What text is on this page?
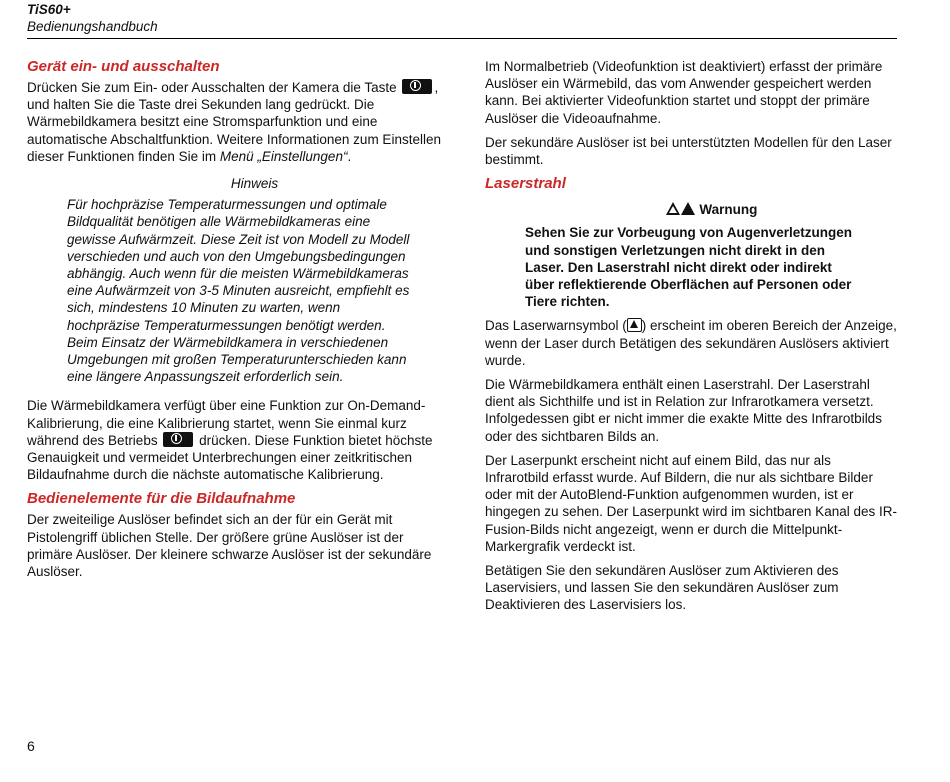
TiS60+
Bedienungshandbuch
Gerät ein- und ausschalten

Drücken Sie zum Ein- oder Ausschalten der Kamera die Taste	, und halten Sie die Taste drei Sekunden lang gedrückt. Die Wärmebildkamera besitzt eine Stromsparfunktion und eine automatische Abschaltfunktion. Weitere Informationen zum Einstellen dieser Funktionen finden Sie im Menü „Einstellungen“.

Hinweis
Für hochpräzise Temperaturmessungen und optimale Bildqualität benötigen alle Wärmebildkameras eine gewisse Aufwärmzeit. Diese Zeit ist von Modell zu Modell verschieden und auch von den Umgebungsbedingungen abhängig. Auch wenn für die meisten Wärmebildkameras eine Aufwärmzeit von 3-5 Minuten ausreicht, empfiehlt es sich, mindestens 10 Minuten zu warten, wenn hochpräzise Temperaturmessungen benötigt werden. Beim Einsatz der Wärmebildkamera in verschiedenen Umgebungen mit großen Temperaturunterschieden kann eine längere Anpassungszeit erforderlich sein.

Die Wärmebildkamera verfügt über eine Funktion zur On-Demand-Kalibrierung, die eine Kalibrierung startet, wenn Sie einmal kurz während des Betriebs	drücken. Diese Funktion bietet höchste Genauigkeit und vermeidet Unterbrechungen einer zeitkritischen Bildaufnahme durch die nächste automatische Kalibrierung.

Bedienelemente für die Bildaufnahme

Der zweiteilige Auslöser befindet sich an der für ein Gerät mit Pistolengriff üblichen Stelle. Der größere grüne Auslöser ist der primäre Auslöser. Der kleinere schwarze Auslöser ist der sekundäre Auslöser.

Im Normalbetrieb (Videofunktion ist deaktiviert) erfasst der primäre Auslöser ein Wärmebild, das vom Anwender gespeichert werden kann. Bei aktivierter Videofunktion startet und stoppt der primäre Auslöser die Videoaufnahme.

Der sekundäre Auslöser ist bei unterstützten Modellen für den Laser bestimmt.

Laserstrahl
Warnung
Sehen Sie zur Vorbeugung von Augenverletzungen und sonstigen Verletzungen nicht direkt in den Laser. Den Laserstrahl nicht direkt oder indirekt über reflektierende Oberflächen auf Personen oder Tiere richten.

Das Laserwarnsymbol ( ) erscheint im oberen Bereich der Anzeige, wenn der Laser durch Betätigen des sekundären Auslösers aktiviert wurde.

Die Wärmebildkamera enthält einen Laserstrahl. Der Laserstrahl dient als Sichthilfe und ist in Relation zur Infrarotkamera versetzt. Infolgedessen gibt er nicht immer die exakte Mitte des Infrarotbilds oder des sichtbaren Bilds an.

Der Laserpunkt erscheint nicht auf einem Bild, das nur als Infrarotbild erfasst wurde. Auf Bildern, die nur als sichtbare Bilder oder mit der AutoBlend-Funktion aufgenommen wurden, ist er hingegen zu sehen. Der Laserpunkt wird im sichtbaren Kanal des IR-Fusion-Bilds nicht angezeigt, wenn er durch die Mittelpunkt-Markergrafik verdeckt ist.

Betätigen Sie den sekundären Auslöser zum Aktivieren des Laservisiers, und lassen Sie den sekundären Auslöser zum Deaktivieren des Laservisiers los.

6
